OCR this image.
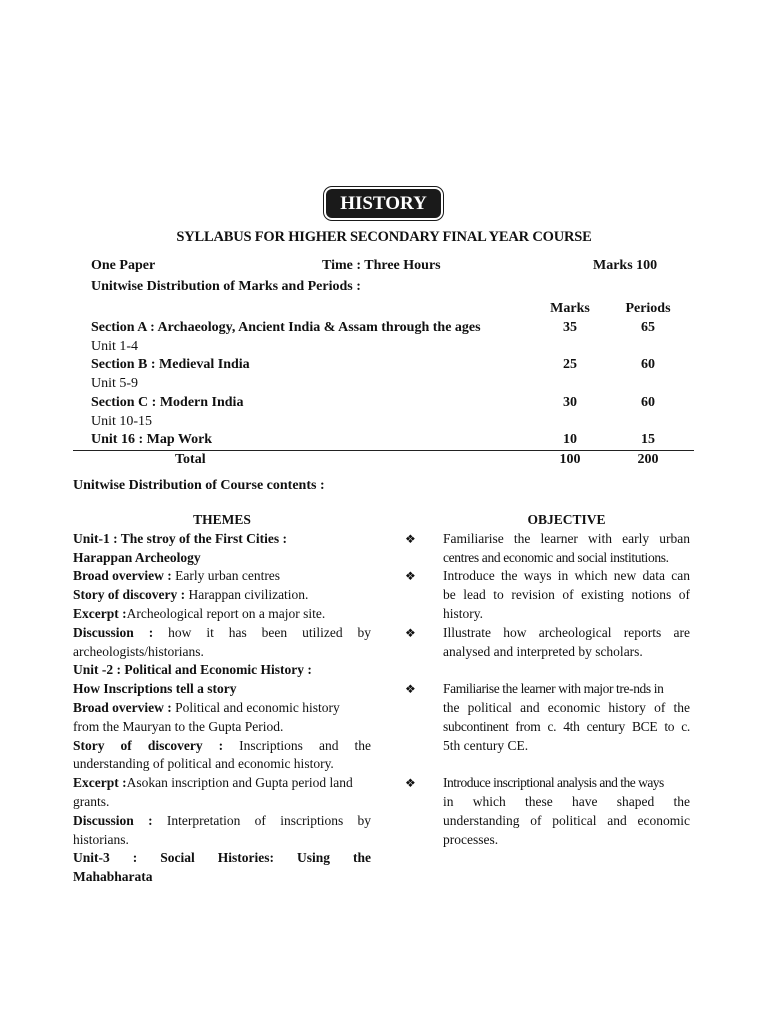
HISTORY
SYLLABUS FOR HIGHER SECONDARY FINAL YEAR COURSE
One Paper	Time : Three Hours	Marks 100
Unitwise Distribution of Marks and Periods :
Marks	Periods
Section A : Archaeology, Ancient India & Assam through the ages	35	65
Unit 1-4
Section B : Medieval India	25	60
Unit 5-9
Section C : Modern India	30	60
Unit 10-15
Unit 16 : Map Work	10	15
Total	100	200
Unitwise Distribution of Course contents :
THEMES
Unit-1 : The stroy of the First Cities :
Harappan Archeology
Broad overview : Early urban centres
Story of discovery : Harappan civilization.
Excerpt :Archeological report on a major site.
Discussion : how it has been utilized by
archeologists/historians.
Unit -2 : Political and Economic History :
How Inscriptions tell a story
Broad overview : Political and economic history
from the Mauryan to the Gupta Period.
Story of discovery : Inscriptions and the
understanding of political and economic history.
Excerpt :Asokan inscription and Gupta period land
grants.
Discussion : Interpretation of inscriptions by
historians.
Unit-3 : Social Histories: Using the
Mahabharata
OBJECTIVE
❖	Familiarise the learner with early urban
centres and economic and social institutions.
❖	Introduce the ways in which new data can
be lead to revision of existing notions of
history.
❖	Illustrate how archeological reports are
analysed and interpreted by scholars.
❖	Familiarise the learner with major tre-nds in
the political and economic history of the
subcontinent from c. 4th century BCE to c.
5th century CE.
❖	Introduce inscriptional analysis and the ways
in which these have shaped the
understanding of political and economic
processes.
